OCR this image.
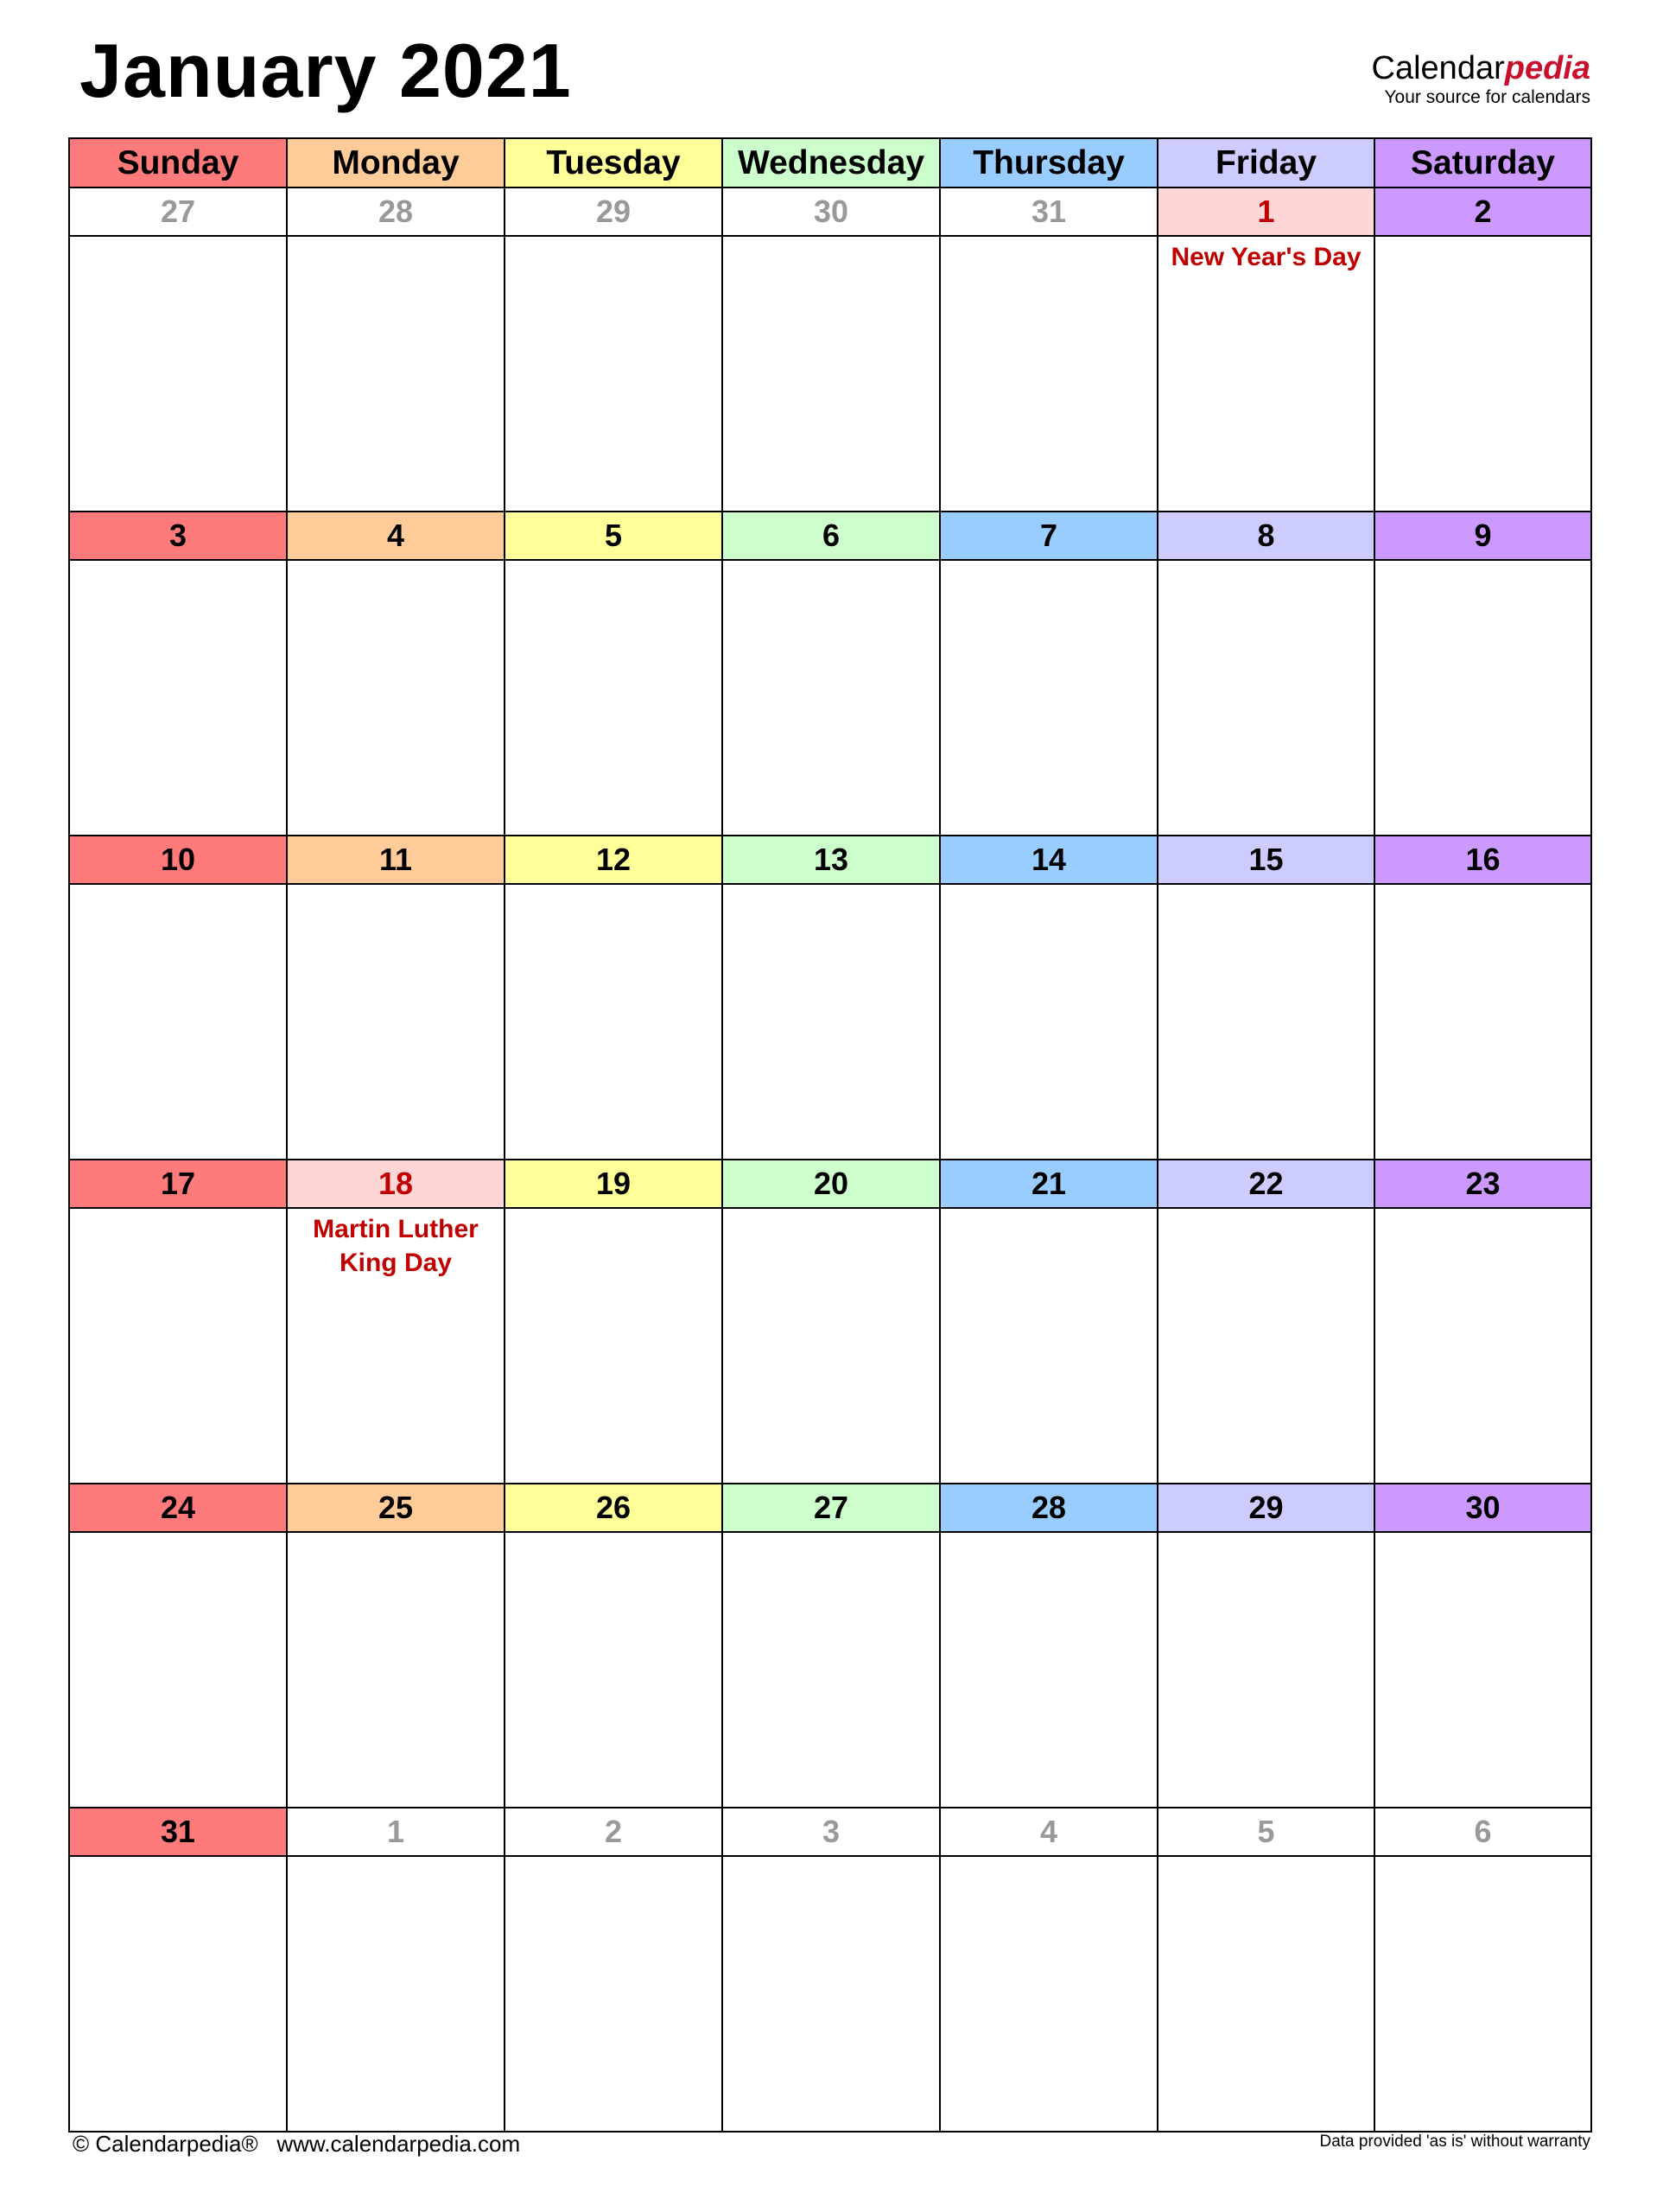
January 2021	Calendarpedia
Your source for calendars
Sunday	Monday	Tuesday	Wednesday	Thursday	Friday	Saturday
27	28	29	30	31	1	2

					New Year's Day	

3	4	5	6	7	8	9

10	11	12	13	14	15	16

17	18	19	20	21	22	23

	Martin Luther
King Day					

24	25	26	27	28	29	30

31	1	2	3	4	5	6

© Calendarpedia®   www.calendarpedia.com	Data provided 'as is' without warranty
